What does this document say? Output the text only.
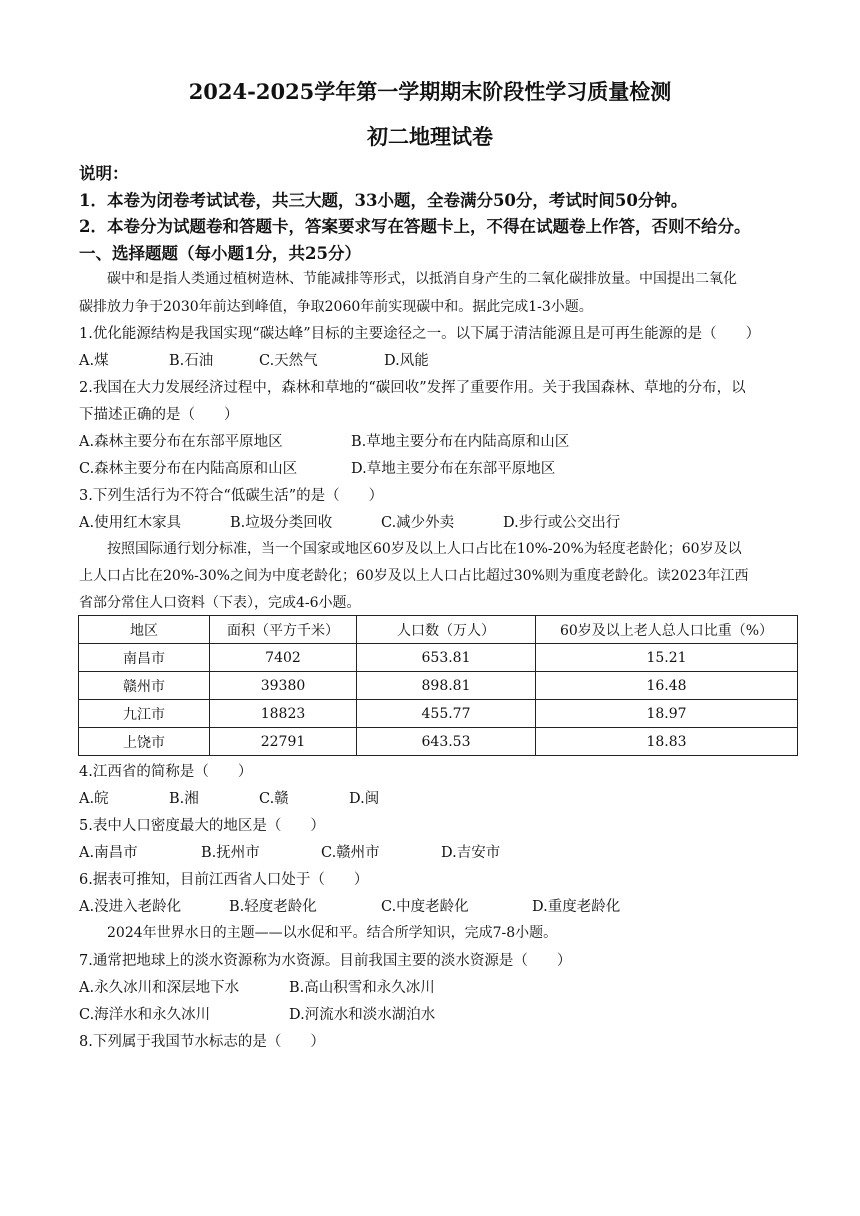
2024-2025学年第一学期期末阶段性学习质量检测
初二地理试卷
说明：
1．本卷为闭卷考试试卷，共三大题，33小题，全卷满分50分，考试时间50分钟。
2．本卷分为试题卷和答题卡，答案要求写在答题卡上，不得在试题卷上作答，否则不给分。
一、选择题题（每小题1分，共25分）
碳中和是指人类通过植树造林、节能减排等形式，以抵消自身产生的二氧化碳排放量。中国提出二氧化
碳排放力争于2030年前达到峰值，争取2060年前实现碳中和。据此完成1-3小题。
1.优化能源结构是我国实现“碳达峰”目标的主要途径之一。以下属于清洁能源且是可再生能源的是（　　）
A.煤	B.石油	C.天然气	D.风能
2.我国在大力发展经济过程中，森林和草地的“碳回收”发挥了重要作用。关于我国森林、草地的分布，以
下描述正确的是（　　）
A.森林主要分布在东部平原地区	B.草地主要分布在内陆高原和山区
C.森林主要分布在内陆高原和山区	D.草地主要分布在东部平原地区
3.下列生活行为不符合“低碳生活”的是（　　）
A.使用红木家具	B.垃圾分类回收	C.减少外卖	D.步行或公交出行
按照国际通行划分标准，当一个国家或地区60岁及以上人口占比在10%-20%为轻度老龄化；60岁及以
上人口占比在20%-30%之间为中度老龄化；60岁及以上人口占比超过30%则为重度老龄化。读2023年江西
省部分常住人口资料（下表），完成4-6小题。
地区	面积（平方千米）	人口数（万人）	60岁及以上老人总人口比重（%）
南昌市	7402	653.81	15.21
赣州市	39380	898.81	16.48
九江市	18823	455.77	18.97
上饶市	22791	643.53	18.83
4.江西省的简称是（　　）
A.皖	B.湘	C.赣	D.闽
5.表中人口密度最大的地区是（　　）
A.南昌市	B.抚州市	C.赣州市	D.吉安市
6.据表可推知，目前江西省人口处于（　　）
A.没进入老龄化	B.轻度老龄化	C.中度老龄化	D.重度老龄化
2024年世界水日的主题——以水促和平。结合所学知识，完成7-8小题。
7.通常把地球上的淡水资源称为水资源。目前我国主要的淡水资源是（　　）
A.永久冰川和深层地下水	B.高山积雪和永久冰川
C.海洋水和永久冰川	D.河流水和淡水湖泊水
8.下列属于我国节水标志的是（　　）
